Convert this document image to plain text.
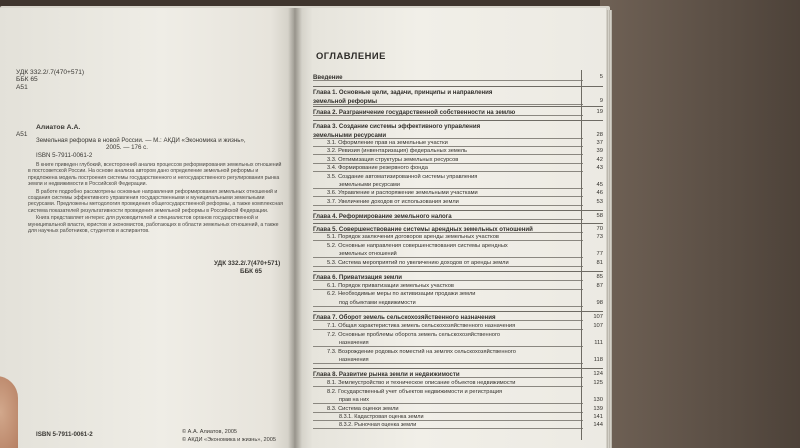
УДК 332.2/.7(470+571)
ББК 65
А51
Алиатов А.А.
А51
Земельная реформа в новой России. — М.: АКДИ «Экономика и жизнь»,
2005. — 176 с.
ISBN 5-7911-0061-2

В книге приведен глубокий, всесторонний анализ процессов реформирования земельных отношений в постсоветской России. На основе анализа автором дано определение земельной реформы и предложена модель построения системы государственного и негосударственного регулирования рынка земли и недвижимости в Российской Федерации.

В работе подробно рассмотрены основные направления реформирования земельных отношений и создания системы эффективного управления государственными и муниципальными земельными ресурсами. Предложены методология проведения общегосударственной реформы, а также комплексная система показателей результативности проведения земельной реформы в Российской Федерации.

Книга представляет интерес для руководителей и специалистов органов государственной и муниципальной власти, юристов и экономистов, работающих в области земельных отношений, а также для научных работников, студентов и аспирантов.

УДК 332.2/.7(470+571)
ББК 65
ISBN 5-7911-0061-2	© А.А. Алиатов, 2005
© АКДИ «Экономика и жизнь», 2005
ОГЛАВЛЕНИЕ
Введение	5
Глава 1. Основные цели, задачи, принципы и направления
земельной реформы	9
Глава 2. Разграничение государственной собственности на землю	19
Глава 3. Создание системы эффективного управления
земельными ресурсами	28
3.1. Оформление прав на земельные участки	37
3.2. Ревизия (инвентаризация) федеральных земель	39
3.3. Оптимизация структуры земельных ресурсов	42
3.4. Формирование резервного фонда	43
3.5. Создание автоматизированной системы управления
земельными ресурсами	45
3.6. Управление и распоряжение земельными участками	46
3.7. Увеличение доходов от использования земли	53
Глава 4. Реформирование земельного налога	58
Глава 5. Совершенствование системы арендных земельных отношений	70
5.1. Порядок заключения договоров аренды земельных участков	73
5.2. Основные направления совершенствования системы арендных
земельных отношений	77
5.3. Система мероприятий по увеличению доходов от аренды земли	81
Глава 6. Приватизация земли	85
6.1. Порядок приватизации земельных участков	87
6.2. Необходимые меры по активизации продажи земли
под объектами недвижимости	98
Глава 7. Оборот земель сельскохозяйственного назначения	107
7.1. Общая характеристика земель сельскохозяйственного назначения	107
7.2. Основные проблемы оборота земель сельскохозяйственного
назначения	111
7.3. Возрождение родовых поместий на землях сельскохозяйственного
назначения	118
Глава 8. Развитие рынка земли и недвижимости	124
8.1. Землеустройство и техническое описание объектов недвижимости	125
8.2. Государственный учет объектов недвижимости и регистрация
прав на них	130
8.3. Система оценки земли	139
8.3.1. Кадастровая оценка земли	141
8.3.2. Рыночная оценка земли	144
